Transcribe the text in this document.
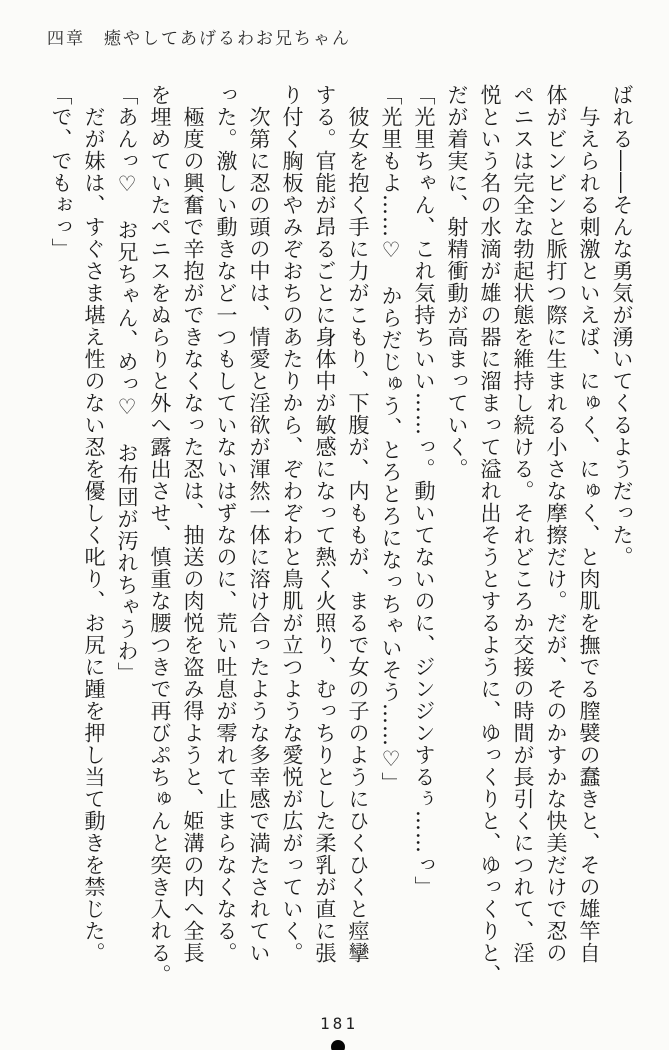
四章　癒やしてあげるわお兄ちゃん
ばれる――そんな勇気が湧いてくるようだった。
与えられる刺激といえば、にゅく、にゅく、と肉肌を撫でる膣襞の蠢きと、その雄竿自
体がビンビンと脈打つ際に生まれる小さな摩擦だけ。だが、そのかすかな快美だけで忍の
ペニスは完全な勃起状態を維持し続ける。それどころか交接の時間が長引くにつれて、淫
悦という名の水滴が雄の器に溜まって溢れ出そうとするように、ゆっくりと、ゆっくりと、
だが着実に、射精衝動が高まっていく。
「光里ちゃん、これ気持ちいい……っ。動いてないのに、ジンジンするぅ……っ」
「光里もよ……♡　からだじゅう、とろとろになっちゃいそう……♡」
彼女を抱く手に力がこもり、下腹が、内ももが、まるで女の子のようにひくひくと痙攣
する。官能が昂るごとに身体中が敏感になって熱く火照り、むっちりとした柔乳が直に張
り付く胸板やみぞおちのあたりから、ぞわぞわと鳥肌が立つような愛悦が広がっていく。
次第に忍の頭の中は、情愛と淫欲が渾然一体に溶け合ったような多幸感で満たされてい
った。激しい動きなど一つもしていないはずなのに、荒い吐息が零れて止まらなくなる。
極度の興奮で辛抱ができなくなった忍は、抽送の肉悦を盗み得ようと、姫溝の内へ全長
を埋めていたペニスをぬらりと外へ露出させ、慎重な腰つきで再びぷちゅんと突き入れる。
「あんっ♡　お兄ちゃん、めっ♡　お布団が汚れちゃうわ」
だが妹は、すぐさま堪え性のない忍を優しく叱り、お尻に踵を押し当て動きを禁じた。
「で、でもぉっ」
181
